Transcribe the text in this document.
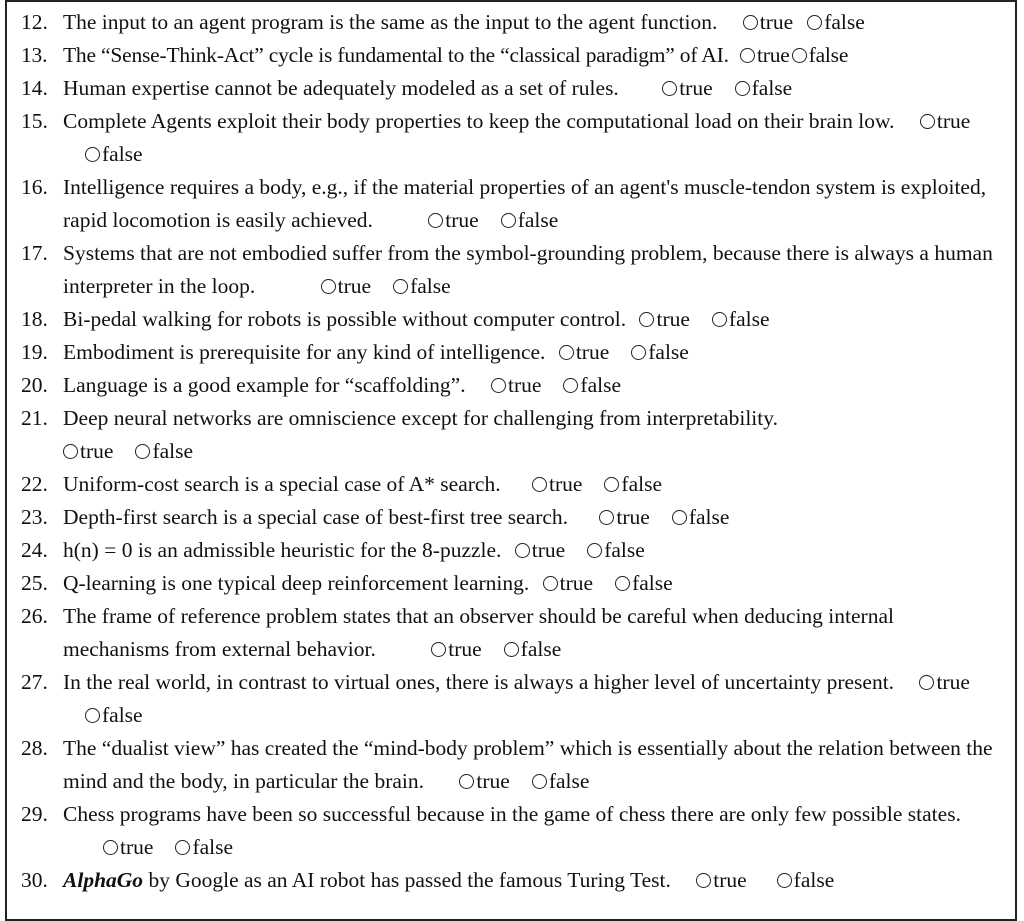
12. The input to an agent program is the same as the input to the agent function. true false
13. The “Sense-Think-Act” cycle is fundamental to the “classical paradigm” of AI. true false
14. Human expertise cannot be adequately modeled as a set of rules.	true false
15. Complete Agents exploit their body properties to keep the computational load on their brain low. truefalse
16. Intelligence requires a body, e.g., if the material properties of an agent's muscle-tendon system is exploited, rapid locomotion is easily achieved.	true false
17. Systems that are not embodied suffer from the symbol-grounding problem, because there is always a human interpreter in the loop.	true false
18. Bi-pedal walking for robots is possible without computer control. true false
19. Embodiment is prerequisite for any kind of intelligence. true false
20. Language is a good example for “scaffolding”. true false
21. Deep neural networks are omniscience except for challenging from interpretability.
true false
22. Uniform-cost search is a special case of A* search. true false
23. Depth-first search is a special case of best-first tree search. true false
24. h(n) = 0 is an admissible heuristic for the 8-puzzle. true false
25. Q-learning is one typical deep reinforcement learning. true false
26. The frame of reference problem states that an observer should be careful when deducing internal mechanisms from external behavior.	true false
27. In the real world, in contrast to virtual ones, there is always a higher level of uncertainty present. truefalse
28. The “dualist view” has created the “mind-body problem” which is essentially about the relation between the mind and the body, in particular the brain. true false
29. Chess programs have been so successful because in the game of chess there are only few possible states. true false
30. AlphaGo by Google as an AI robot has passed the famous Turing Test. true false
